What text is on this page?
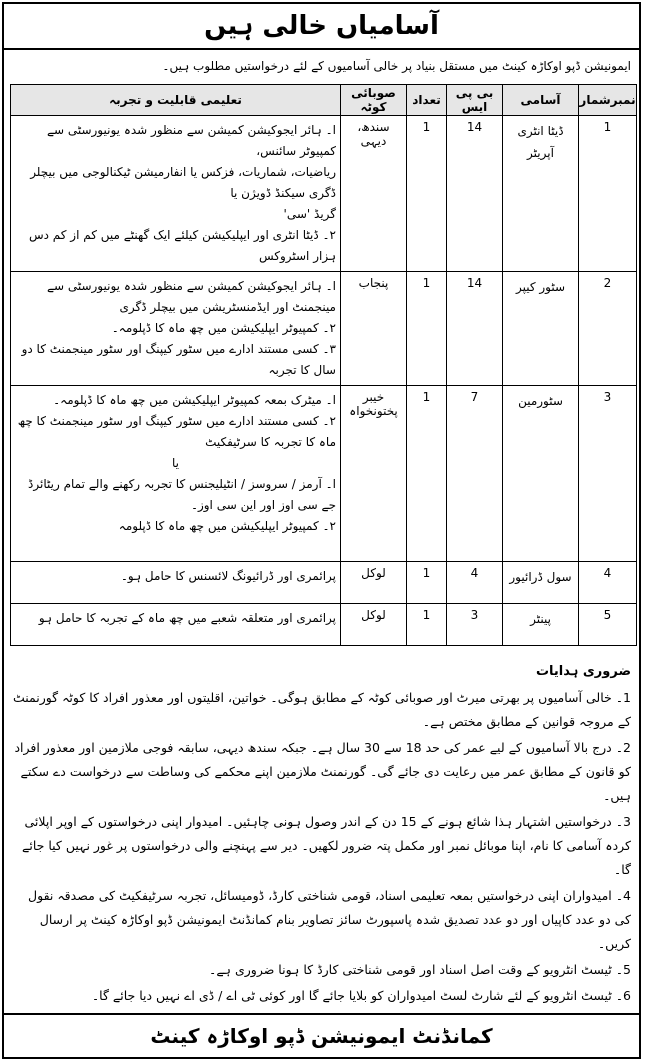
آسامیاں خالی ہیں
ایمونیشن ڈپو اوکاڑہ کینٹ میں مستقل بنیاد پر خالی آسامیوں کے لئے درخواستیں مطلوب ہیں۔
نمبرشمار	آسامی	بی پی ایس	تعداد	صوبائی کوٹہ	تعلیمی قابلیت و تجربہ
1	ڈیٹا انٹری آپریٹر	14	1	سندھ، دیہی	ا۔ ہائر ایجوکیشن کمیشن سے منظور شدہ یونیورسٹی سے کمپیوٹر سائنس،
ریاضیات، شماریات، فزکس یا انفارمیشن ٹیکنالوجی میں بیچلر ڈگری سیکنڈ ڈویژن یا
گریڈ 'سی'
۲۔ ڈیٹا انٹری اور ایپلیکیشن کیلئے ایک گھنٹے میں کم از کم دس ہزار اسٹروکس

2	سٹور کیپر	14	1	پنجاب	ا۔ ہائر ایجوکیشن کمیشن سے منظور شدہ یونیورسٹی سے مینجمنٹ اور ایڈمنسٹریشن میں بیچلر ڈگری
۲۔ کمپیوٹر ایپلیکیشن میں چھ ماہ کا ڈپلومہ۔
۳۔ کسی مستند ادارے میں سٹور کیپنگ اور سٹور مینجمنٹ کا دو سال کا تجربہ

3	سٹورمین	7	1	خیبر پختونخواہ	ا۔ میٹرک بمعہ کمپیوٹر ایپلیکیشن میں چھ ماہ کا ڈپلومہ۔
۲۔ کسی مستند ادارے میں سٹور کیپنگ اور سٹور مینجمنٹ کا چھ ماہ کا تجربہ کا سرٹیفکیٹ
یا
ا۔ آرمز / سروسز / انٹیلیجنس کا تجربہ رکھنے والے تمام ریٹائرڈ جے سی اوز اور این سی اوز۔
۲۔ کمپیوٹر ایپلیکیشن میں چھ ماہ کا ڈپلومہ

4	سول ڈرائیور	4	1	لوکل	پرائمری اور ڈرائیونگ لائسنس کا حامل ہو۔

5	پینٹر	3	1	لوکل	پرائمری اور متعلقہ شعبے میں چھ ماہ کے تجربہ کا حامل ہو
ضروری ہدایات
1۔ خالی آسامیوں پر بھرتی میرٹ اور صوبائی کوٹہ کے مطابق ہوگی۔ خواتین، اقلیتوں اور معذور افراد کا کوٹہ گورنمنٹ کے مروجہ قوانین کے مطابق مختص ہے۔
2۔ درج بالا آسامیوں کے لیے عمر کی حد 18 سے 30 سال ہے۔ جبکہ سندھ دیہی، سابقہ فوجی ملازمین اور معذور افراد کو قانون کے مطابق عمر میں رعایت دی جائے گی۔ گورنمنٹ ملازمین اپنے محکمے کی وساطت سے درخواست دے سکتے ہیں۔
3۔ درخواستیں اشتہار ہذا شائع ہونے کے 15 دن کے اندر وصول ہونی چاہئیں۔ امیدوار اپنی درخواستوں کے اوپر اپلائی کردہ آسامی کا نام، اپنا موبائل نمبر اور مکمل پتہ ضرور لکھیں۔ دیر سے پہنچنے والی درخواستوں پر غور نہیں کیا جائے گا۔
4۔ امیدواران اپنی درخواستیں بمعہ تعلیمی اسناد، قومی شناختی کارڈ، ڈومیسائل، تجربہ سرٹیفکیٹ کی مصدقہ نقول کی دو عدد کاپیاں اور دو عدد تصدیق شدہ پاسپورٹ سائز تصاویر بنام کمانڈنٹ ایمونیشن ڈپو اوکاڑہ کینٹ پر ارسال کریں۔
5۔ ٹیسٹ انٹرویو کے وقت اصل اسناد اور قومی شناختی کارڈ کا ہونا ضروری ہے۔
6۔ ٹیسٹ انٹرویو کے لئے شارٹ لسٹ امیدواران کو بلایا جائے گا اور کوئی ٹی اے / ڈی اے نہیں دیا جائے گا۔
کمانڈنٹ ایمونیشن ڈپو اوکاڑہ کینٹ
